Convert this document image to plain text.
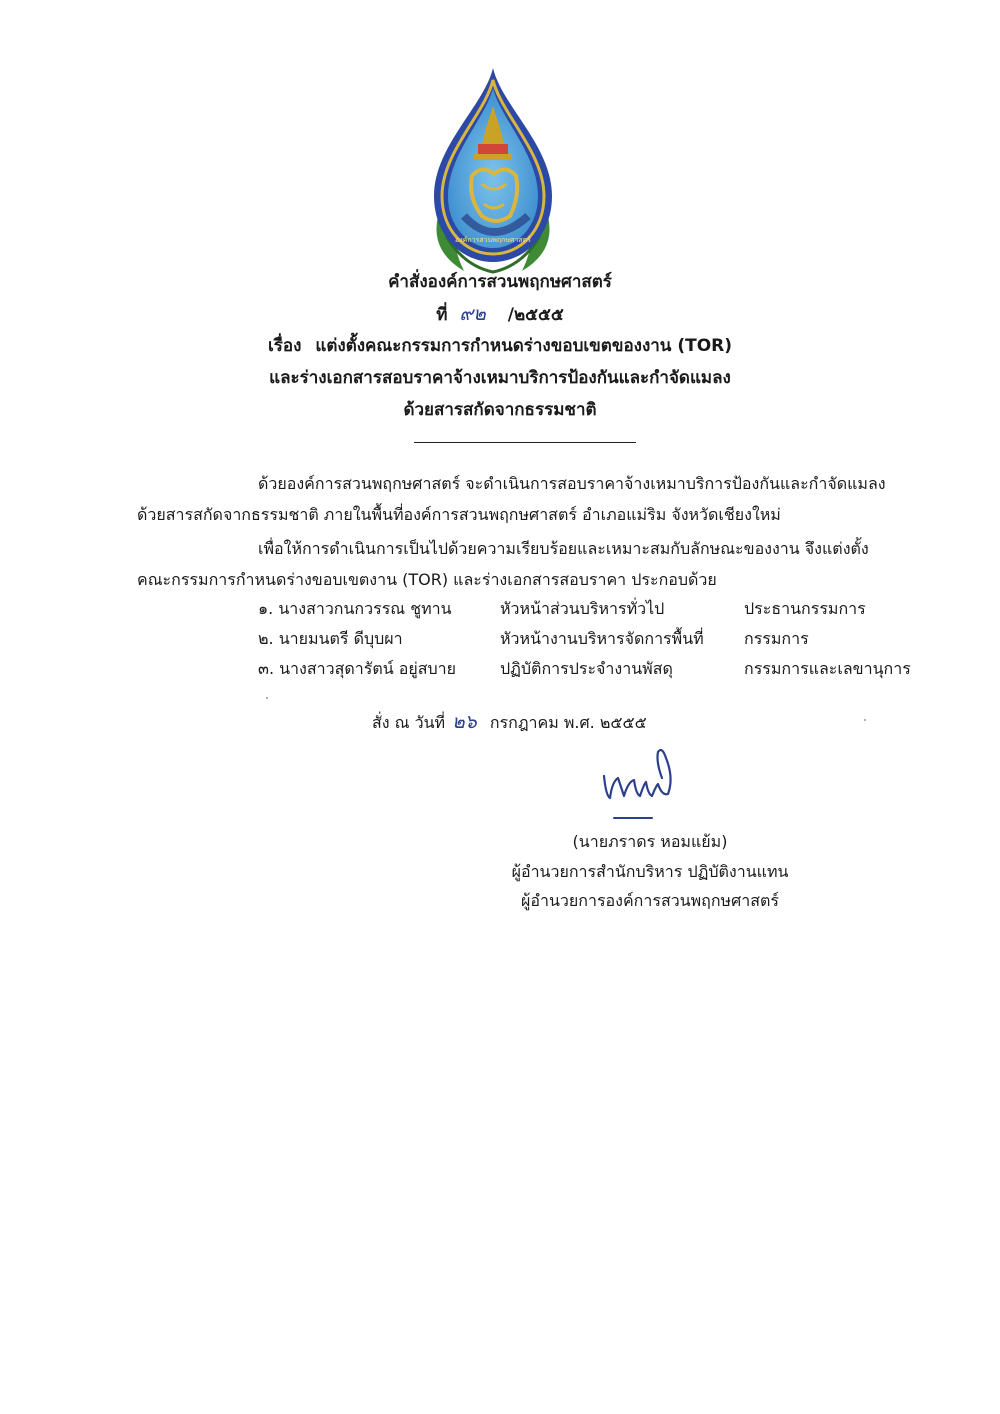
องค์การสวนพฤกษศาสตร์
คำสั่งองค์การสวนพฤกษศาสตร์
ที่ ๙๒ /๒๕๕๕
เรื่อง แต่งตั้งคณะกรรมการกำหนดร่างขอบเขตของงาน (TOR)
และร่างเอกสารสอบราคาจ้างเหมาบริการป้องกันและกำจัดแมลง
ด้วยสารสกัดจากธรรมชาติ
ด้วยองค์การสวนพฤกษศาสตร์ จะดำเนินการสอบราคาจ้างเหมาบริการป้องกันและกำจัดแมลง
ด้วยสารสกัดจากธรรมชาติ ภายในพื้นที่องค์การสวนพฤกษศาสตร์ อำเภอแม่ริม จังหวัดเชียงใหม่
เพื่อให้การดำเนินการเป็นไปด้วยความเรียบร้อยและเหมาะสมกับลักษณะของงาน จึงแต่งตั้ง
คณะกรรมการกำหนดร่างขอบเขตงาน (TOR) และร่างเอกสารสอบราคา ประกอบด้วย
๑. นางสาวกนกวรรณ ชูทาน	หัวหน้าส่วนบริหารทั่วไป	ประธานกรรมการ
๒. นายมนตรี ดีบุบผา	หัวหน้างานบริหารจัดการพื้นที่	กรรมการ
๓. นางสาวสุดารัตน์ อยู่สบาย	ปฏิบัติการประจำงานพัสดุ	กรรมการและเลขานุการ
สั่ง ณ วันที่ ๒๖ กรกฎาคม พ.ศ. ๒๕๕๕
(นายภราดร หอมแย้ม)
ผู้อำนวยการสำนักบริหาร ปฏิบัติงานแทน
ผู้อำนวยการองค์การสวนพฤกษศาสตร์
